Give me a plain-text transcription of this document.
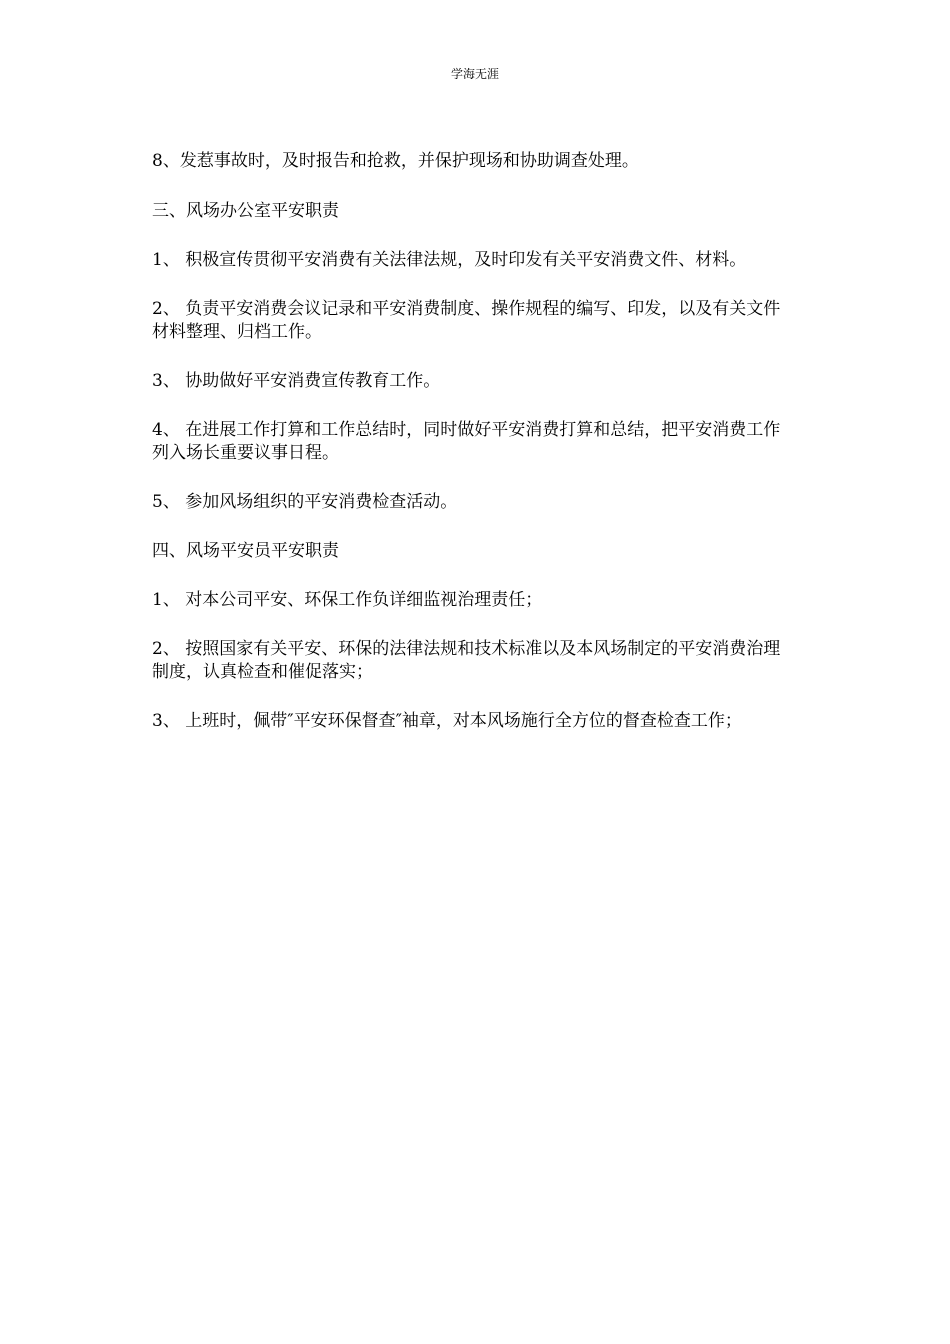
学海无涯

8、发惹事故时，及时报告和抢救，并保护现场和协助调查处理。

三、风场办公室平安职责

1、 积极宣传贯彻平安消费有关法律法规，及时印发有关平安消费文件、材料。

2、 负责平安消费会议记录和平安消费制度、操作规程的编写、印发，以及有关文件材料整理、归档工作。

3、 协助做好平安消费宣传教育工作。

4、 在进展工作打算和工作总结时，同时做好平安消费打算和总结，把平安消费工作列入场长重要议事日程。

5、 参加风场组织的平安消费检查活动。

四、风场平安员平安职责

1、 对本公司平安、环保工作负详细监视治理责任；

2、 按照国家有关平安、环保的法律法规和技术标准以及本风场制定的平安消费治理制度，认真检查和催促落实；

3、 上班时，佩带″平安环保督查″袖章，对本风场施行全方位的督查检查工作；
